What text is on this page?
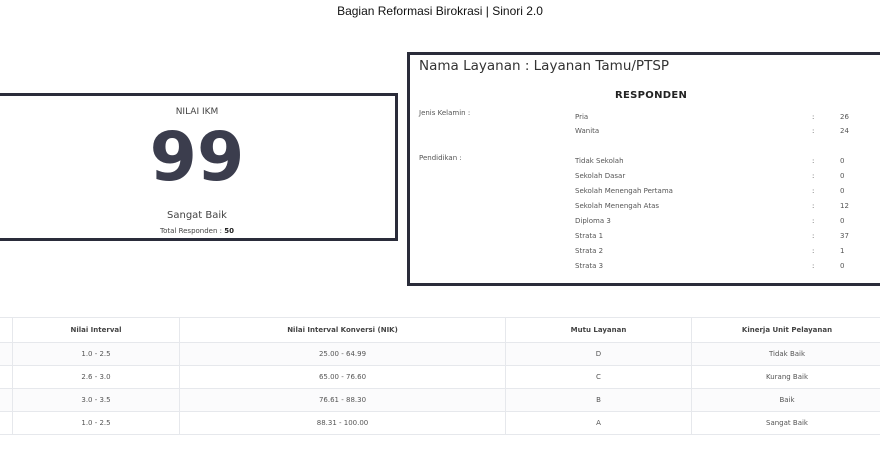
Bagian Reformasi Birokrasi | Sinori 2.0
NILAI IKM
99
Sangat Baik
Total Responden : 50
Nama Layanan : Layanan Tamu/PTSP
RESPONDEN
Jenis Kelamin :	Pria	:	26
Wanita	:	24
Pendidikan :	Tidak Sekolah	:	0
Sekolah Dasar	:	0
Sekolah Menengah Pertama	:	0
Sekolah Menengah Atas	:	12
Diploma 3	:	0
Strata 1	:	37
Strata 2	:	1
Strata 3	:	0
	Nilai Interval	Nilai Interval Konversi (NIK)	Mutu Layanan	Kinerja Unit Pelayanan
	1.0 - 2.5	25.00 - 64.99	D	Tidak Baik
	2.6 - 3.0	65.00 - 76.60	C	Kurang Baik
	3.0 - 3.5	76.61 - 88.30	B	Baik
	1.0 - 2.5	88.31 - 100.00	A	Sangat Baik
